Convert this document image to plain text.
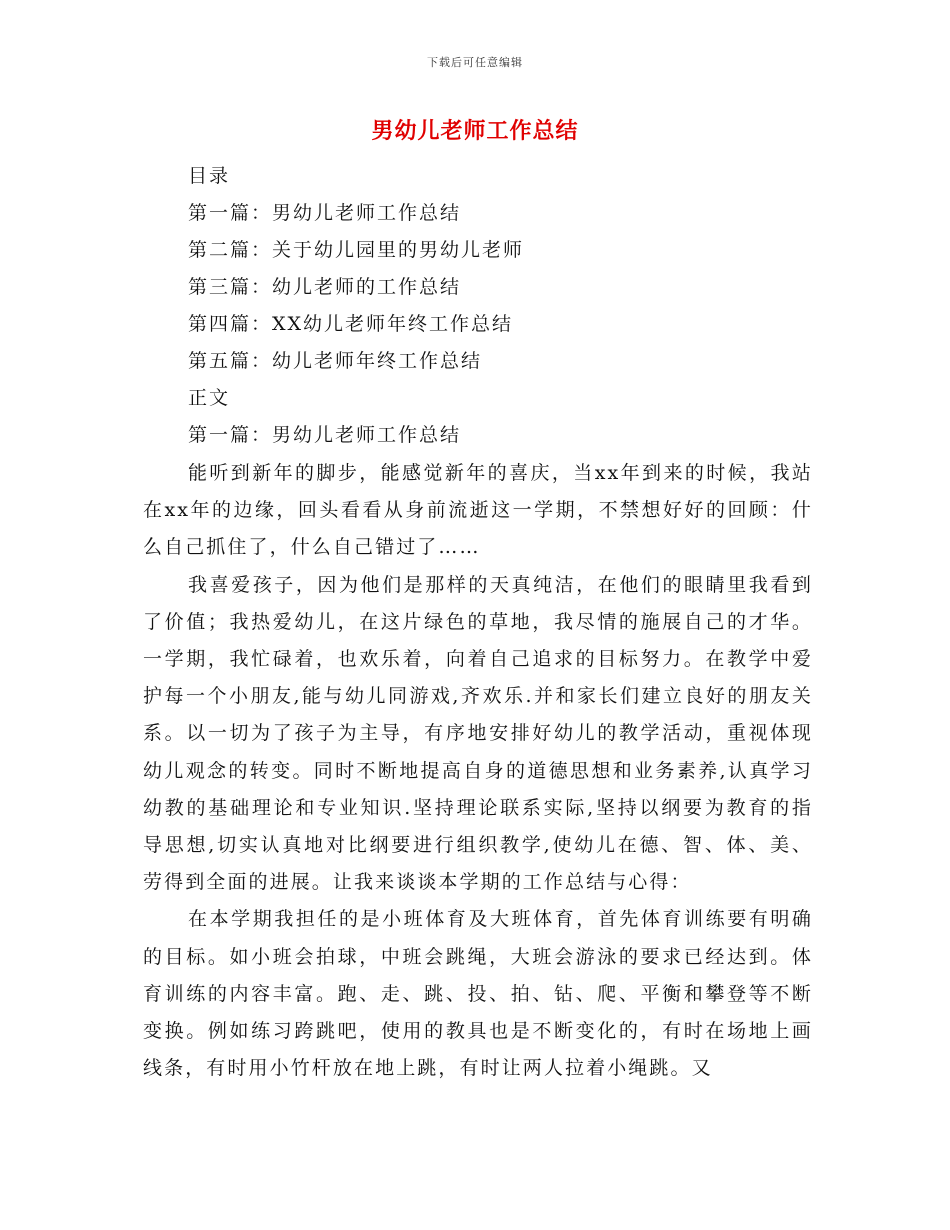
下载后可任意编辑
男幼儿老师工作总结
目录
第一篇：男幼儿老师工作总结
第二篇：关于幼儿园里的男幼儿老师
第三篇：幼儿老师的工作总结
第四篇：XX幼儿老师年终工作总结
第五篇：幼儿老师年终工作总结
正文
第一篇：男幼儿老师工作总结

能听到新年的脚步，能感觉新年的喜庆，当xx年到来的时候，我站在xx年的边缘，回头看看从身前流逝这一学期，不禁想好好的回顾：什么自己抓住了，什么自己错过了……

我喜爱孩子，因为他们是那样的天真纯洁，在他们的眼睛里我看到了价值；我热爱幼儿，在这片绿色的草地，我尽情的施展自己的才华。一学期，我忙碌着，也欢乐着，向着自己追求的目标努力。在教学中爱护每一个小朋友,能与幼儿同游戏,齐欢乐.并和家长们建立良好的朋友关系。以一切为了孩子为主导，有序地安排好幼儿的教学活动，重视体现幼儿观念的转变。同时不断地提高自身的道德思想和业务素养,认真学习幼教的基础理论和专业知识.坚持理论联系实际,坚持以纲要为教育的指导思想,切实认真地对比纲要进行组织教学,使幼儿在德、智、体、美、劳得到全面的进展。让我来谈谈本学期的工作总结与心得：

在本学期我担任的是小班体育及大班体育，首先体育训练要有明确的目标。如小班会拍球，中班会跳绳，大班会游泳的要求已经达到。体育训练的内容丰富。跑、走、跳、投、拍、钻、爬、平衡和攀登等不断变换。例如练习跨跳吧，使用的教具也是不断变化的，有时在场地上画线条，有时用小竹杆放在地上跳，有时让两人拉着小绳跳。又
